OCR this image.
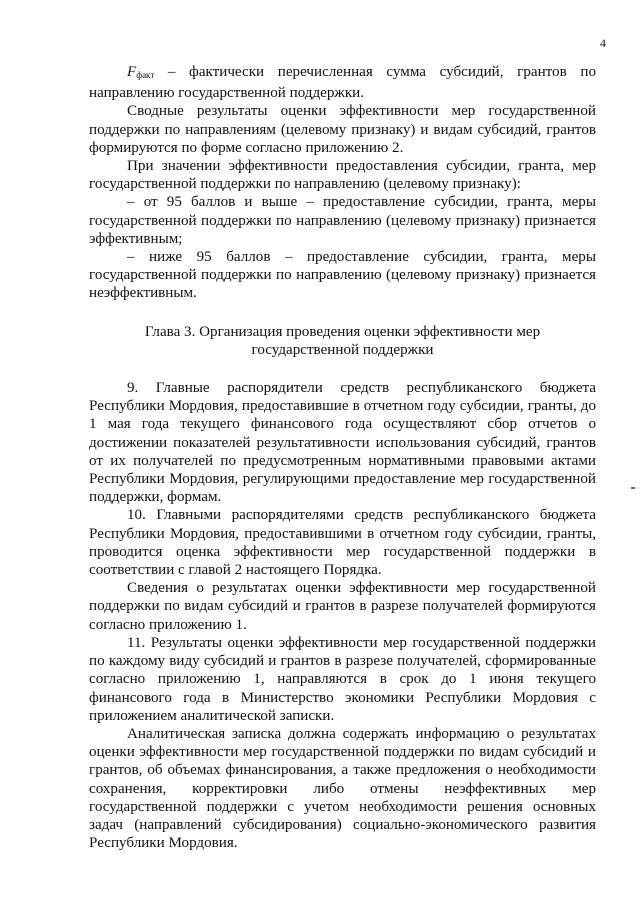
4

$F_{факт}$ – фактически перечисленная сумма субсидий, грантов по направлению государственной поддержки.

Сводные результаты оценки эффективности мер государственной поддержки по направлениям (целевому признаку) и видам субсидий, грантов формируются по форме согласно приложению 2.

При значении эффективности предоставления субсидии, гранта, мер государственной поддержки по направлению (целевому признаку):

– от 95 баллов и выше – предоставление субсидии, гранта, меры государственной поддержки по направлению (целевому признаку) признается эффективным;

– ниже 95 баллов – предоставление субсидии, гранта, меры государственной поддержки по направлению (целевому признаку) признается неэффективным.

Глава 3. Организация проведения оценки эффективности мер государственной поддержки

9. Главные распорядители средств республиканского бюджета Республики Мордовия, предоставившие в отчетном году субсидии, гранты, до 1 мая года текущего финансового года осуществляют сбор отчетов о достижении показателей результативности использования субсидий, грантов от их получателей по предусмотренным нормативными правовыми актами Республики Мордовия, регулирующими предоставление мер государственной поддержки, формам.

10. Главными распорядителями средств республиканского бюджета Республики Мордовия, предоставившими в отчетном году субсидии, гранты, проводится оценка эффективности мер государственной поддержки в соответствии с главой 2 настоящего Порядка.

Сведения о результатах оценки эффективности мер государственной поддержки по видам субсидий и грантов в разрезе получателей формируются согласно приложению 1.

11. Результаты оценки эффективности мер государственной поддержки по каждому виду субсидий и грантов в разрезе получателей, сформированные согласно приложению 1, направляются в срок до 1 июня текущего финансового года в Министерство экономики Республики Мордовия с приложением аналитической записки.

Аналитическая записка должна содержать информацию о результатах оценки эффективности мер государственной поддержки по видам субсидий и грантов, об объемах финансирования, а также предложения о необходимости сохранения, корректировки либо отмены неэффективных мер государственной поддержки с учетом необходимости решения основных задач (направлений субсидирования) социально-экономического развития Республики Мордовия.
